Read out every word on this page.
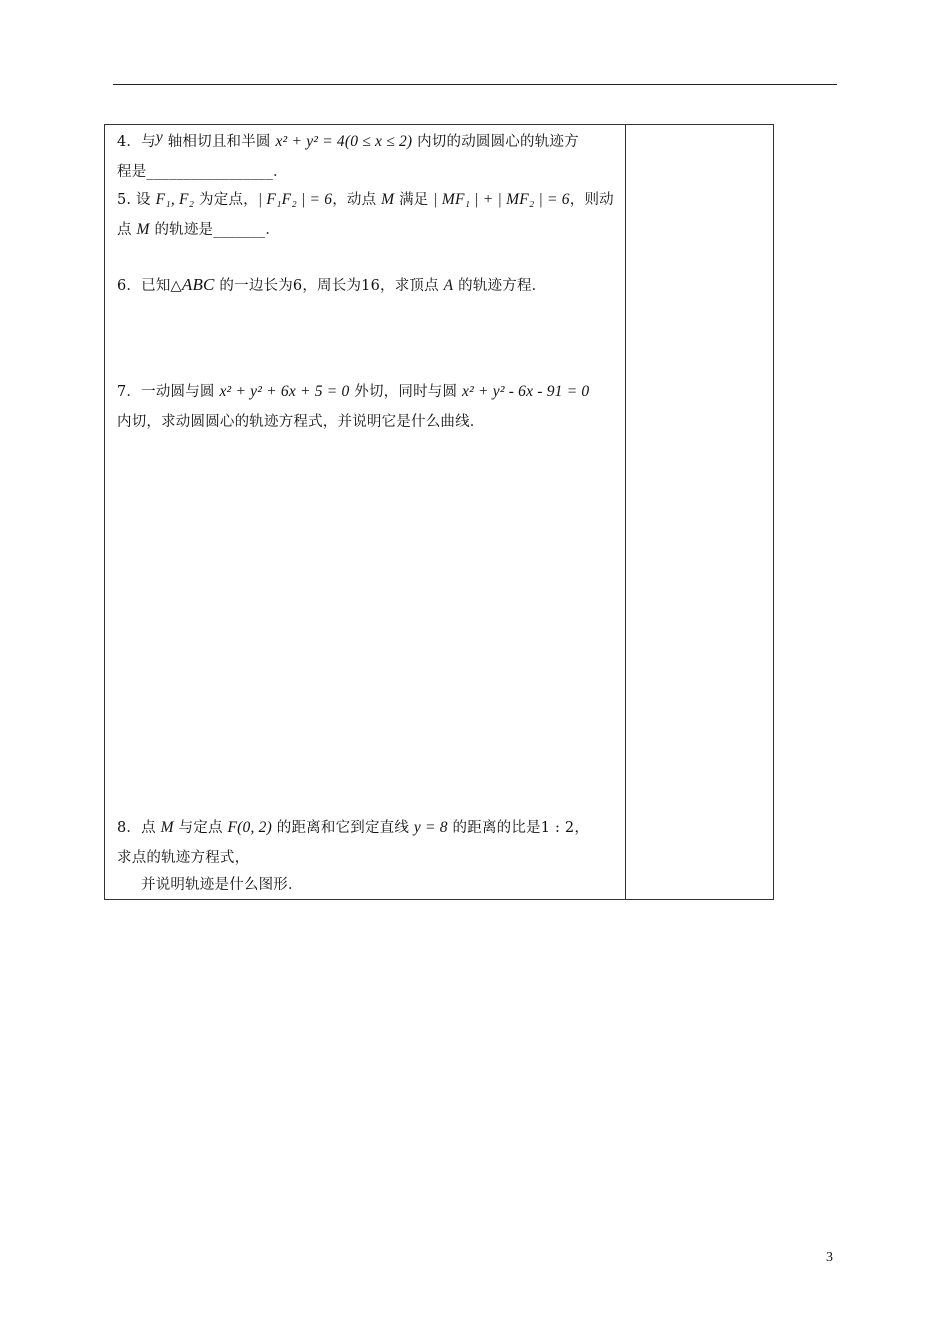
4．与y 轴相切且和半圆 x² + y² = 4(0 ≤ x ≤ 2) 内切的动圆圆心的轨迹方
程是_________________．
5. 设 F₁, F₂ 为定点，| F₁F₂ | = 6，动点 M 满足 | MF₁ | + | MF₂ | = 6，则动
点 M 的轨迹是_______．
6．已知△ABC 的一边长为6，周长为16，求顶点 A 的轨迹方程．
7．一动圆与圆 x² + y² + 6x + 5 = 0 外切，同时与圆 x² + y² - 6x - 91 = 0
内切，求动圆圆心的轨迹方程式，并说明它是什么曲线．
8．点 M 与定点 F(0, 2) 的距离和它到定直线 y = 8 的距离的比是1 : 2，
求点的轨迹方程式，
并说明轨迹是什么图形．
3
